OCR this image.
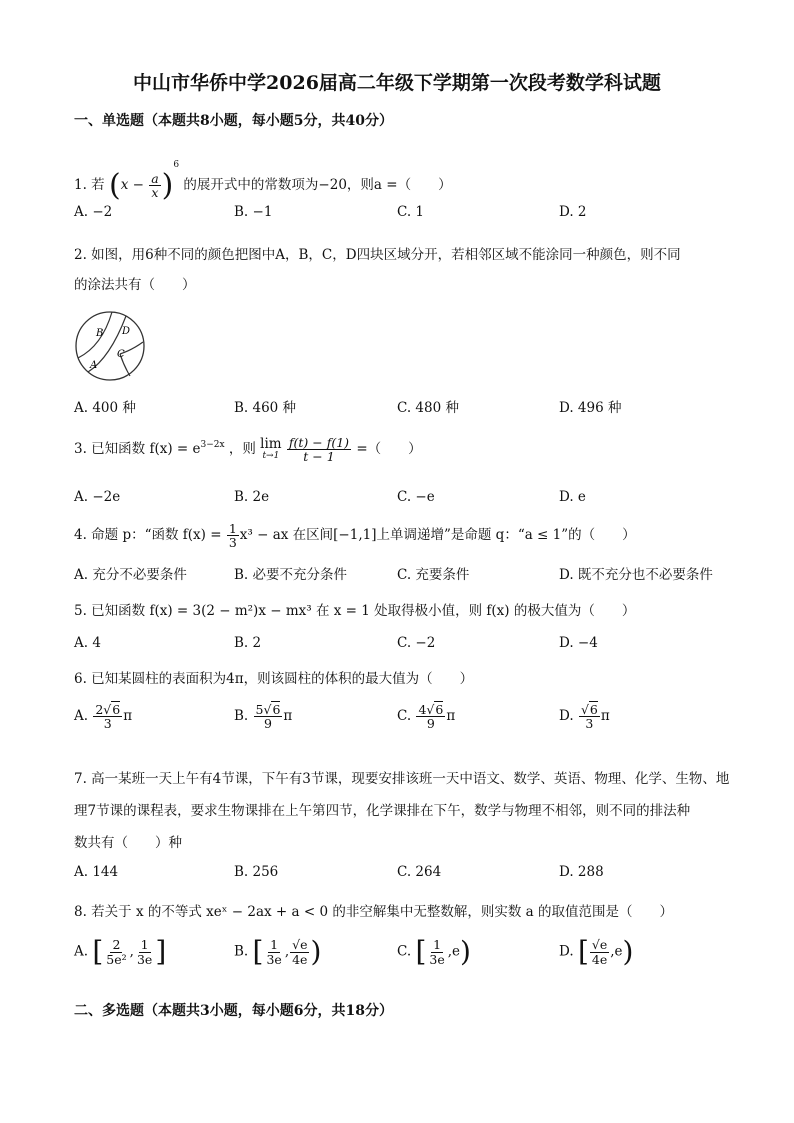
中山市华侨中学2026届高二年级下学期第一次段考数学科试题
一、单选题（本题共8小题，每小题5分，共40分）
1. 若 $(x - \frac{a}{x} )^6$ 的展开式中的常数项为−20，则a =（　　）
A. −2	B. −1	C. 1	D. 2
2. 如图，用6种不同的颜色把图中A，B，C，D四块区域分开，若相邻区域不能涂同一种颜色，则不同
的涂法共有（　　）
B D
A
C
A. 400 种	B. 460 种	C. 480 种	D. 496 种
3. 已知函数 $f(x) = e^{3-2x}$ ，则 lim
t→1
$\frac{f(t) - f(1)}{t - 1}$ =（　　）
A. −2e	B. 2e	C. −e	D. e
4. 命题 p：“函数 $f(x) = \frac{1}{3} x^3$ − ax 在区间[−1,1]上单调递增”是命题 q：“a ≤ 1”的（　　）
A. 充分不必要条件	B. 必要不充分条件	C. 充要条件	D. 既不充分也不必要条件
5. 已知函数 f(x) = 3(2 − m²)x − mx³ 在 x = 1 处取得极小值，则 f(x) 的极大值为（　　）
A. 4	B. 2	C. −2	D. −4
6. 已知某圆柱的表面积为4π，则该圆柱的体积的最大值为（　　）
A. $\frac{2√6}{3}$ π	B. $\frac{5√6}{9}$ π	C. $\frac{4√6}{9}$ π	D. $\frac{√6}{3}$ π
7. 高一某班一天上午有4节课，下午有3节课，现要安排该班一天中语文、数学、英语、物理、化学、生物、地
理7节课的课程表，要求生物课排在上午第四节，化学课排在下午，数学与物理不相邻，则不同的排法种
数共有（　　）种
A. 144	B. 256	C. 264	D. 288
8. 若关于 x 的不等式 xeˣ − 2ax + a < 0 的非空解集中无整数解，则实数 a 的取值范围是（　　）
A. [ $\frac{2}{\text{5e²}}$ , $\frac{1}{3e}$ ]	B. [ $\frac{1}{3e}$ , $\frac{√e}{4e}$ )	C. [ $\frac{1}{3e} ,e$)	D. [ $\frac{√e}{4e} ,e$)
二、多选题（本题共3小题，每小题6分，共18分）
